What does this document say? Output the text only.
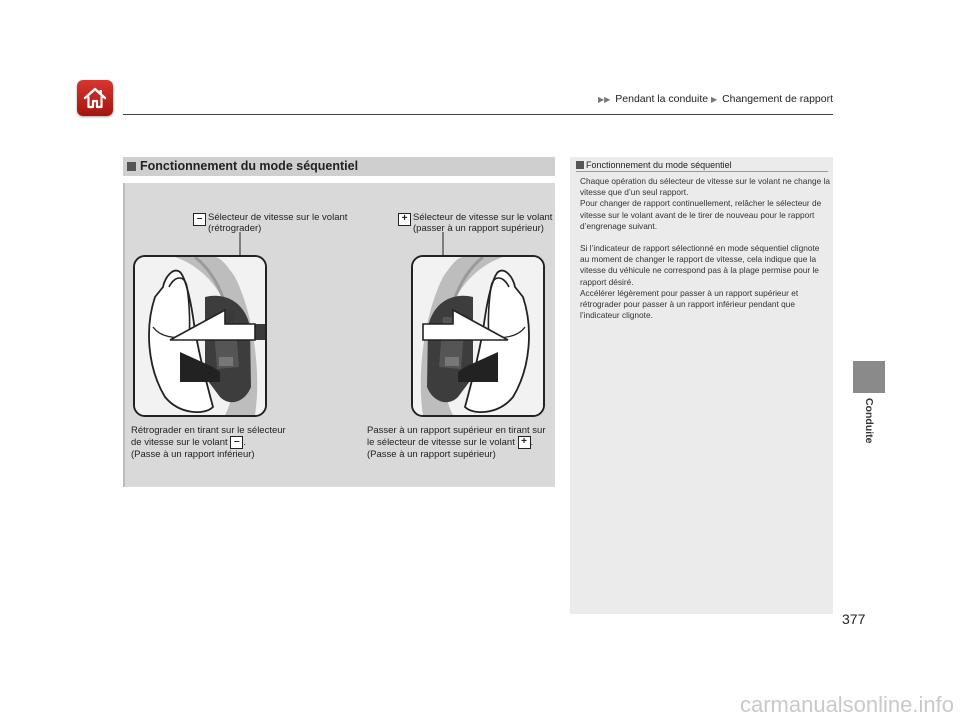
▶▶ Pendant la conduite ▶ Changement de rapport
Conduite
Fonctionnement du mode séquentiel
– Sélecteur de vitesse sur le volant
(rétrograder)
+ Sélecteur de vitesse sur le volant
(passer à un rapport supérieur)
Rétrograder en tirant sur le sélecteur
de vitesse sur le volant – .
(Passe à un rapport inférieur)
Passer à un rapport supérieur en tirant sur
le sélecteur de vitesse sur le volant + .
(Passe à un rapport supérieur)
Fonctionnement du mode séquentiel

Chaque opération du sélecteur de vitesse sur le volant ne change la vitesse que d’un seul rapport.

Pour changer de rapport continuellement, relâcher le sélecteur de vitesse sur le volant avant de le tirer de nouveau pour le rapport d’engrenage suivant.

Si l’indicateur de rapport sélectionné en mode séquentiel clignote au moment de changer le rapport de vitesse, cela indique que la vitesse du véhicule ne correspond pas à la plage permise pour le rapport désiré.

Accélérer légèrement pour passer à un rapport supérieur et rétrograder pour passer à un rapport inférieur pendant que l’indicateur clignote.

377
carmanualsonline.info
